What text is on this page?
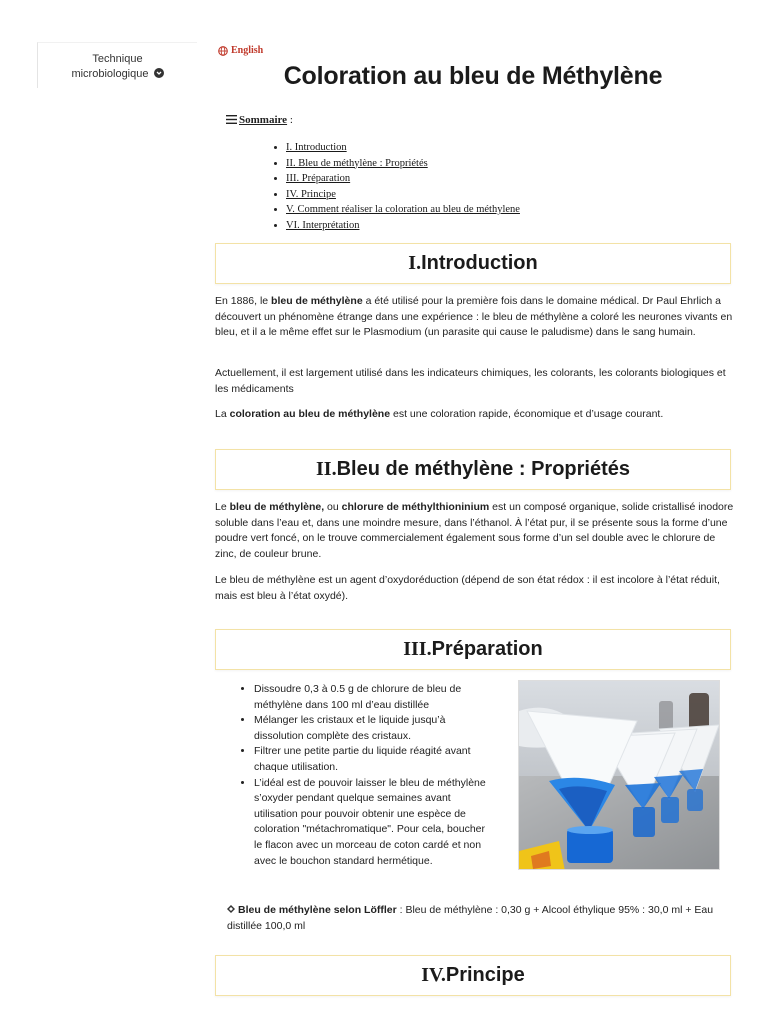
Technique
microbiologique
English
Coloration au bleu de Méthylène
Sommaire :
• I. Introduction
• II. Bleu de méthylène : Propriétés
• III. Préparation
• IV. Principe
• V. Comment réaliser la coloration au bleu de méthylene
• VI. Interprétation
I. Introduction

En 1886, le bleu de méthylène a été utilisé pour la première fois dans le domaine médical. Dr Paul Ehrlich a découvert un phénomène étrange dans une expérience : le bleu de méthylène a coloré les neurones vivants en bleu, et il a le même effet sur le Plasmodium (un parasite qui cause le paludisme) dans le sang humain.

Actuellement, il est largement utilisé dans les indicateurs chimiques, les colorants, les colorants biologiques et les médicaments

La coloration au bleu de méthylène est une coloration rapide, économique et d’usage courant.

II. Bleu de méthylène : Propriétés

Le bleu de méthylène, ou chlorure de méthylthioninium est un composé organique, solide cristallisé inodore soluble dans l’eau et, dans une moindre mesure, dans l’éthanol. À l’état pur, il se présente sous la forme d’une poudre vert foncé, on le trouve commercialement également sous forme d’un sel double avec le chlorure de zinc, de couleur brune.

Le bleu de méthylène est un agent d’oxydoréduction (dépend de son état rédox : il est incolore à l’état réduit, mais est bleu à l’état oxydé).

III. Préparation
• Dissoudre 0,3 à 0.5 g de chlorure de bleu de méthylène dans 100 ml d’eau distillée
• Mélanger les cristaux et le liquide jusqu’à dissolution complète des cristaux.
• Filtrer une petite partie du liquide réagité avant chaque utilisation.
• L’idéal est de pouvoir laisser le bleu de méthylène s’oxyder pendant quelque semaines avant utilisation pour pouvoir obtenir une espèce de coloration "métachromatique". Pour cela, boucher le flacon avec un morceau de coton cardé et non avec le bouchon standard hermétique.

Bleu de méthylène selon Löffler : Bleu de méthylène : 0,30 g + Alcool éthylique 95% : 30,0 ml + Eau distillée 100,0 ml

IV. Principe
